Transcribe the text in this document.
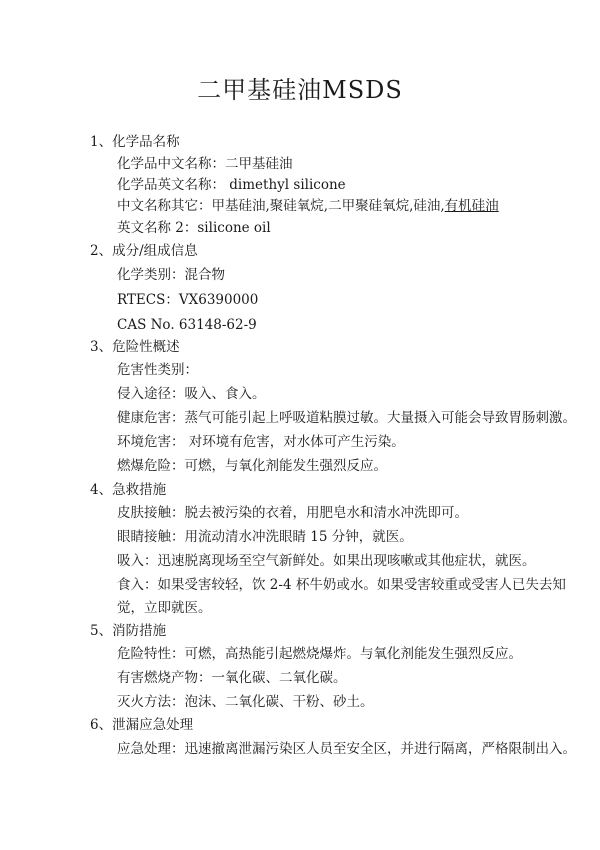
二甲基硅油MSDS
1、化学品名称
化学品中文名称：二甲基硅油
化学品英文名称： dimethyl silicone
中文名称其它：甲基硅油,聚硅氧烷,二甲聚硅氧烷,硅油,有机硅油
英文名称 2：silicone oil
2、成分/组成信息
化学类别：混合物
RTECS：VX6390000
CAS No. 63148-62-9
3、危险性概述
危害性类别：
侵入途径：吸入、食入。
健康危害：蒸气可能引起上呼吸道粘膜过敏。大量摄入可能会导致胃肠刺激。
环境危害： 对环境有危害，对水体可产生污染。
燃爆危险：可燃，与氧化剂能发生强烈反应。
4、急救措施
皮肤接触：脱去被污染的衣着，用肥皂水和清水冲洗即可。
眼睛接触：用流动清水冲洗眼睛 15 分钟，就医。
吸入：迅速脱离现场至空气新鲜处。如果出现咳嗽或其他症状，就医。
食入：如果受害较轻，饮 2-4 杯牛奶或水。如果受害较重或受害人已失去知
觉，立即就医。
5、消防措施
危险特性：可燃，高热能引起燃烧爆炸。与氧化剂能发生强烈反应。
有害燃烧产物：一氧化碳、二氧化碳。
灭火方法：泡沫、二氧化碳、干粉、砂土。
6、泄漏应急处理
应急处理：迅速撤离泄漏污染区人员至安全区，并进行隔离，严格限制出入。
